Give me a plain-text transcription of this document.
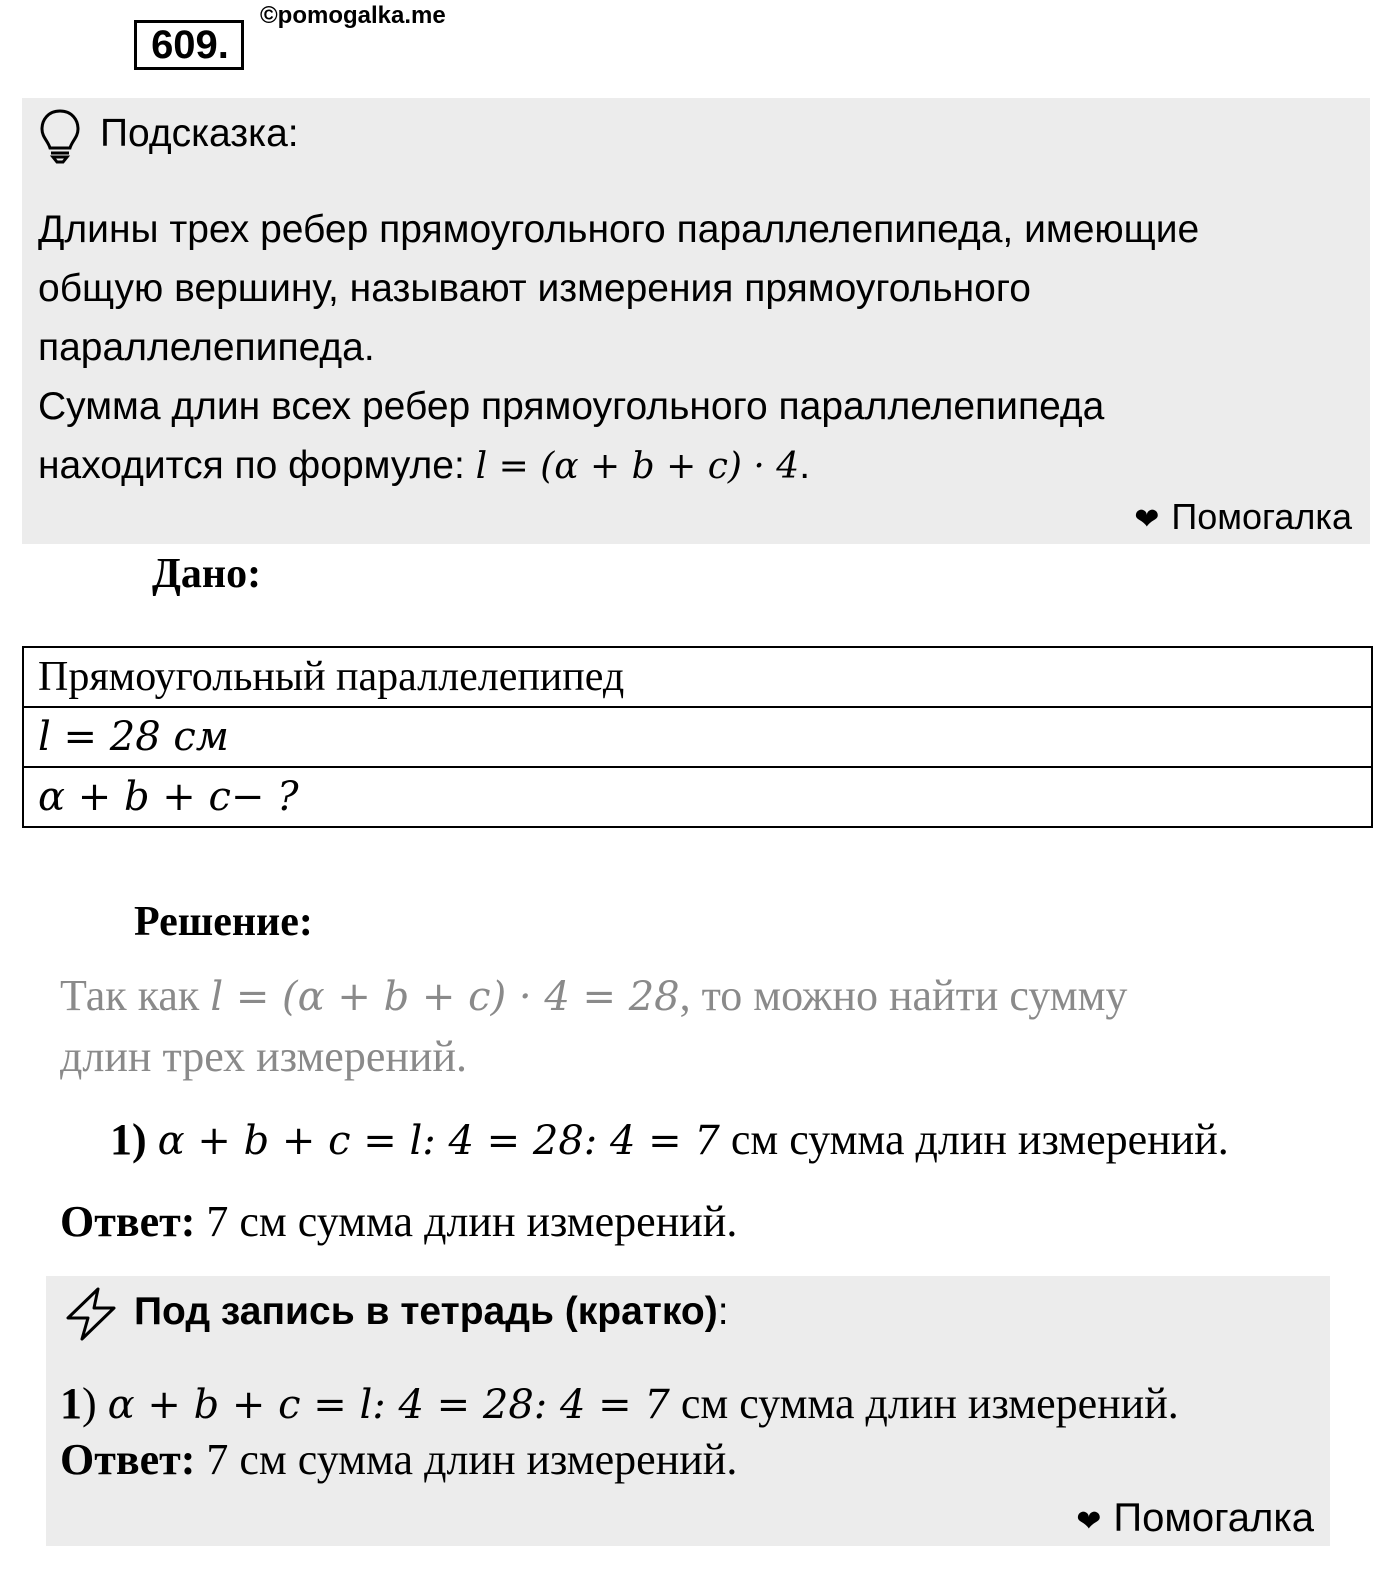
609.
©pomogalka.me
Подсказка:

Длины трех ребер прямоугольного параллелепипеда, имеющие

общую вершину, называют измерения прямоугольного

параллелепипеда.

Сумма длин всех ребер прямоугольного параллелепипеда

находится по формуле: l = (α + b + c) · 4.

❤ Помогалка
Дано:
Прямоугольный параллелепипед
l = 28 см
α + b + c− ?
Решение:
Так как l = (α + b + c) · 4 = 28, то можно найти сумму
длин трех измерений.
1) α + b + c = l: 4 = 28: 4 = 7 см сумма длин измерений.
Ответ: 7 см сумма длин измерений.
Под запись в тетрадь (кратко):
1) α + b + c = l: 4 = 28: 4 = 7 см сумма длин измерений.
Ответ: 7 см сумма длин измерений.
❤ Помогалка
